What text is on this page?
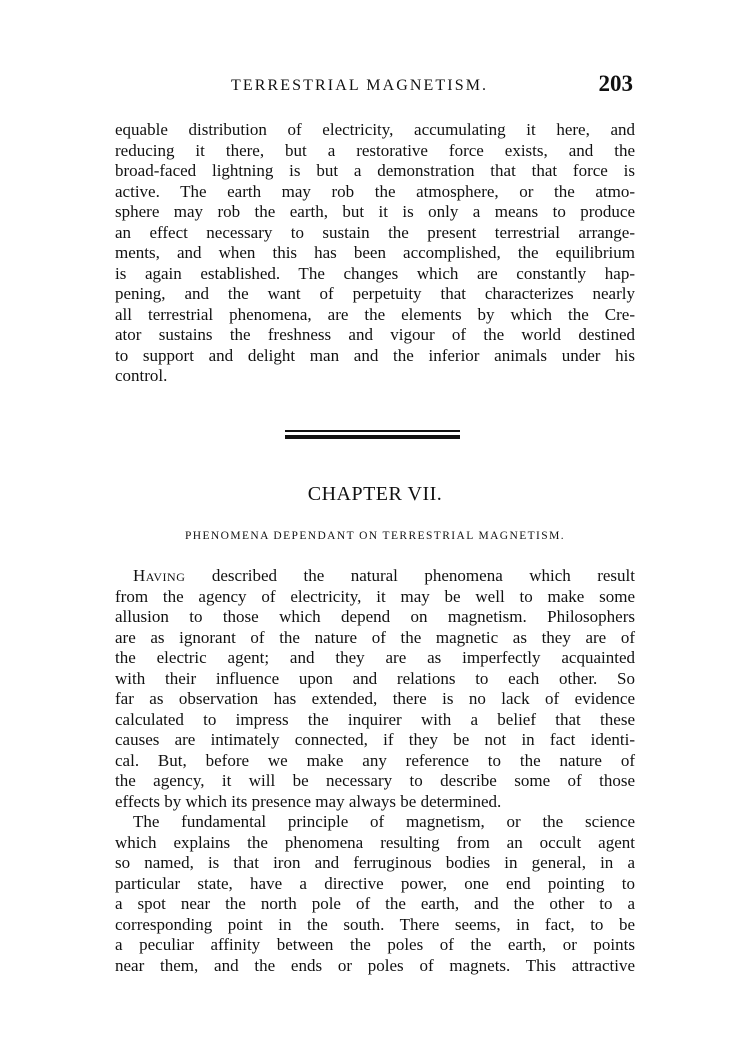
TERRESTRIAL MAGNETISM.	203
equable distribution of electricity, accumulating it here, and
reducing it there, but a restorative force exists, and the
broad-faced lightning is but a demonstration that that force is
active. The earth may rob the atmosphere, or the atmo-
sphere may rob the earth, but it is only a means to produce
an effect necessary to sustain the present terrestrial arrange-
ments, and when this has been accomplished, the equilibrium
is again established. The changes which are constantly hap-
pening, and the want of perpetuity that characterizes nearly
all terrestrial phenomena, are the elements by which the Cre-
ator sustains the freshness and vigour of the world destined
to support and delight man and the inferior animals under his
control.
CHAPTER VII.
PHENOMENA DEPENDANT ON TERRESTRIAL MAGNETISM.
Having described the natural phenomena which result
from the agency of electricity, it may be well to make some
allusion to those which depend on magnetism. Philosophers
are as ignorant of the nature of the magnetic as they are of
the electric agent; and they are as imperfectly acquainted
with their influence upon and relations to each other. So
far as observation has extended, there is no lack of evidence
calculated to impress the inquirer with a belief that these
causes are intimately connected, if they be not in fact identi-
cal. But, before we make any reference to the nature of
the agency, it will be necessary to describe some of those
effects by which its presence may always be determined.
The fundamental principle of magnetism, or the science
which explains the phenomena resulting from an occult agent
so named, is that iron and ferruginous bodies in general, in a
particular state, have a directive power, one end pointing to
a spot near the north pole of the earth, and the other to a
corresponding point in the south. There seems, in fact, to be
a peculiar affinity between the poles of the earth, or points
near them, and the ends or poles of magnets. This attractive
